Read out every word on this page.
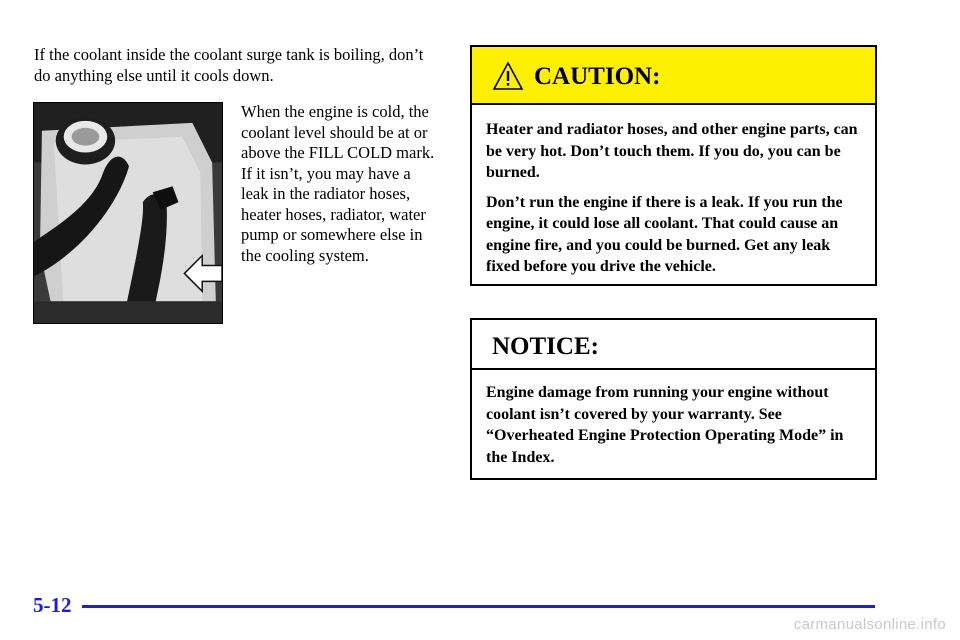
If the coolant inside the coolant surge tank is boiling, don’t do anything else until it cools down.

When the engine is cold, the coolant level should be at or above the FILL COLD mark. If it isn’t, you may have a leak in the radiator hoses, heater hoses, radiator, water pump or somewhere else in the cooling system.

CAUTION:

Heater and radiator hoses, and other engine parts, can be very hot. Don’t touch them. If you do, you can be burned.

Don’t run the engine if there is a leak. If you run the engine, it could lose all coolant. That could cause an engine fire, and you could be burned. Get any leak fixed before you drive the vehicle.

NOTICE:

Engine damage from running your engine without coolant isn’t covered by your warranty. See “Overheated Engine Protection Operating Mode” in the Index.

5-12
carmanualsonline.info
